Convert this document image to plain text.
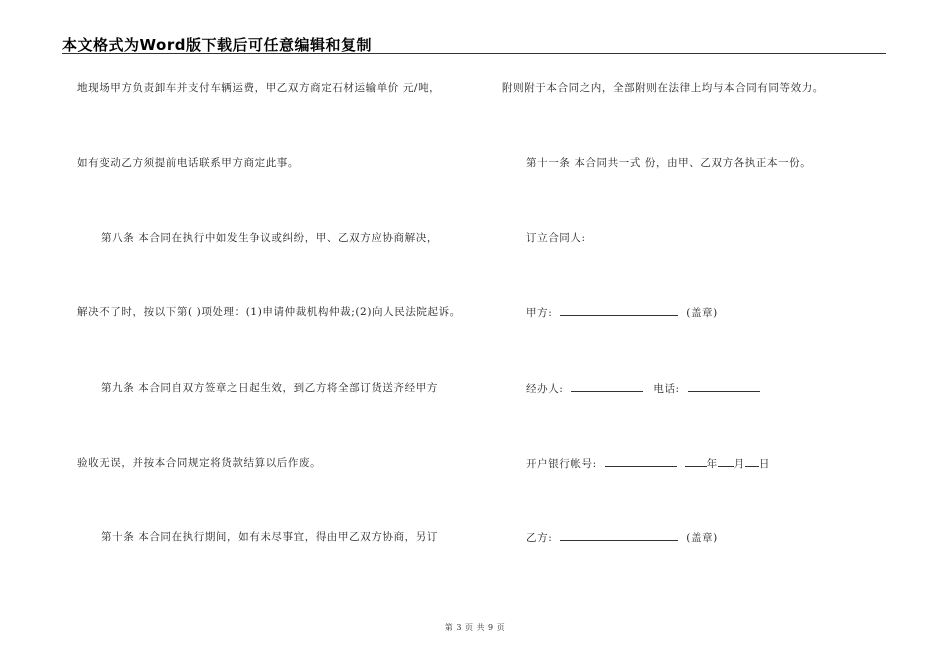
本文格式为Word版下载后可任意编辑和复制
地现场甲方负责卸车并支付车辆运费，甲乙双方商定石材运输单价 元/吨，
如有变动乙方须提前电话联系甲方商定此事。
第八条 本合同在执行中如发生争议或纠纷，甲、乙双方应协商解决，
解决不了时，按以下第( )项处理：(1)申请仲裁机构仲裁;(2)向人民法院起诉。
第九条 本合同自双方签章之日起生效，到乙方将全部订货送齐经甲方
验收无误，并按本合同规定将货款结算以后作废。
第十条 本合同在执行期间，如有未尽事宜，得由甲乙双方协商，另订
附则附于本合同之内，全部附则在法律上均与本合同有同等效力。
第十一条 本合同共一式 份，由甲、乙双方各执正本一份。
订立合同人:
甲方:	(盖章)
经办人:	电话:
开户银行帐号:	年 月 日
乙方:	(盖章)
第 3 页 共 9 页
